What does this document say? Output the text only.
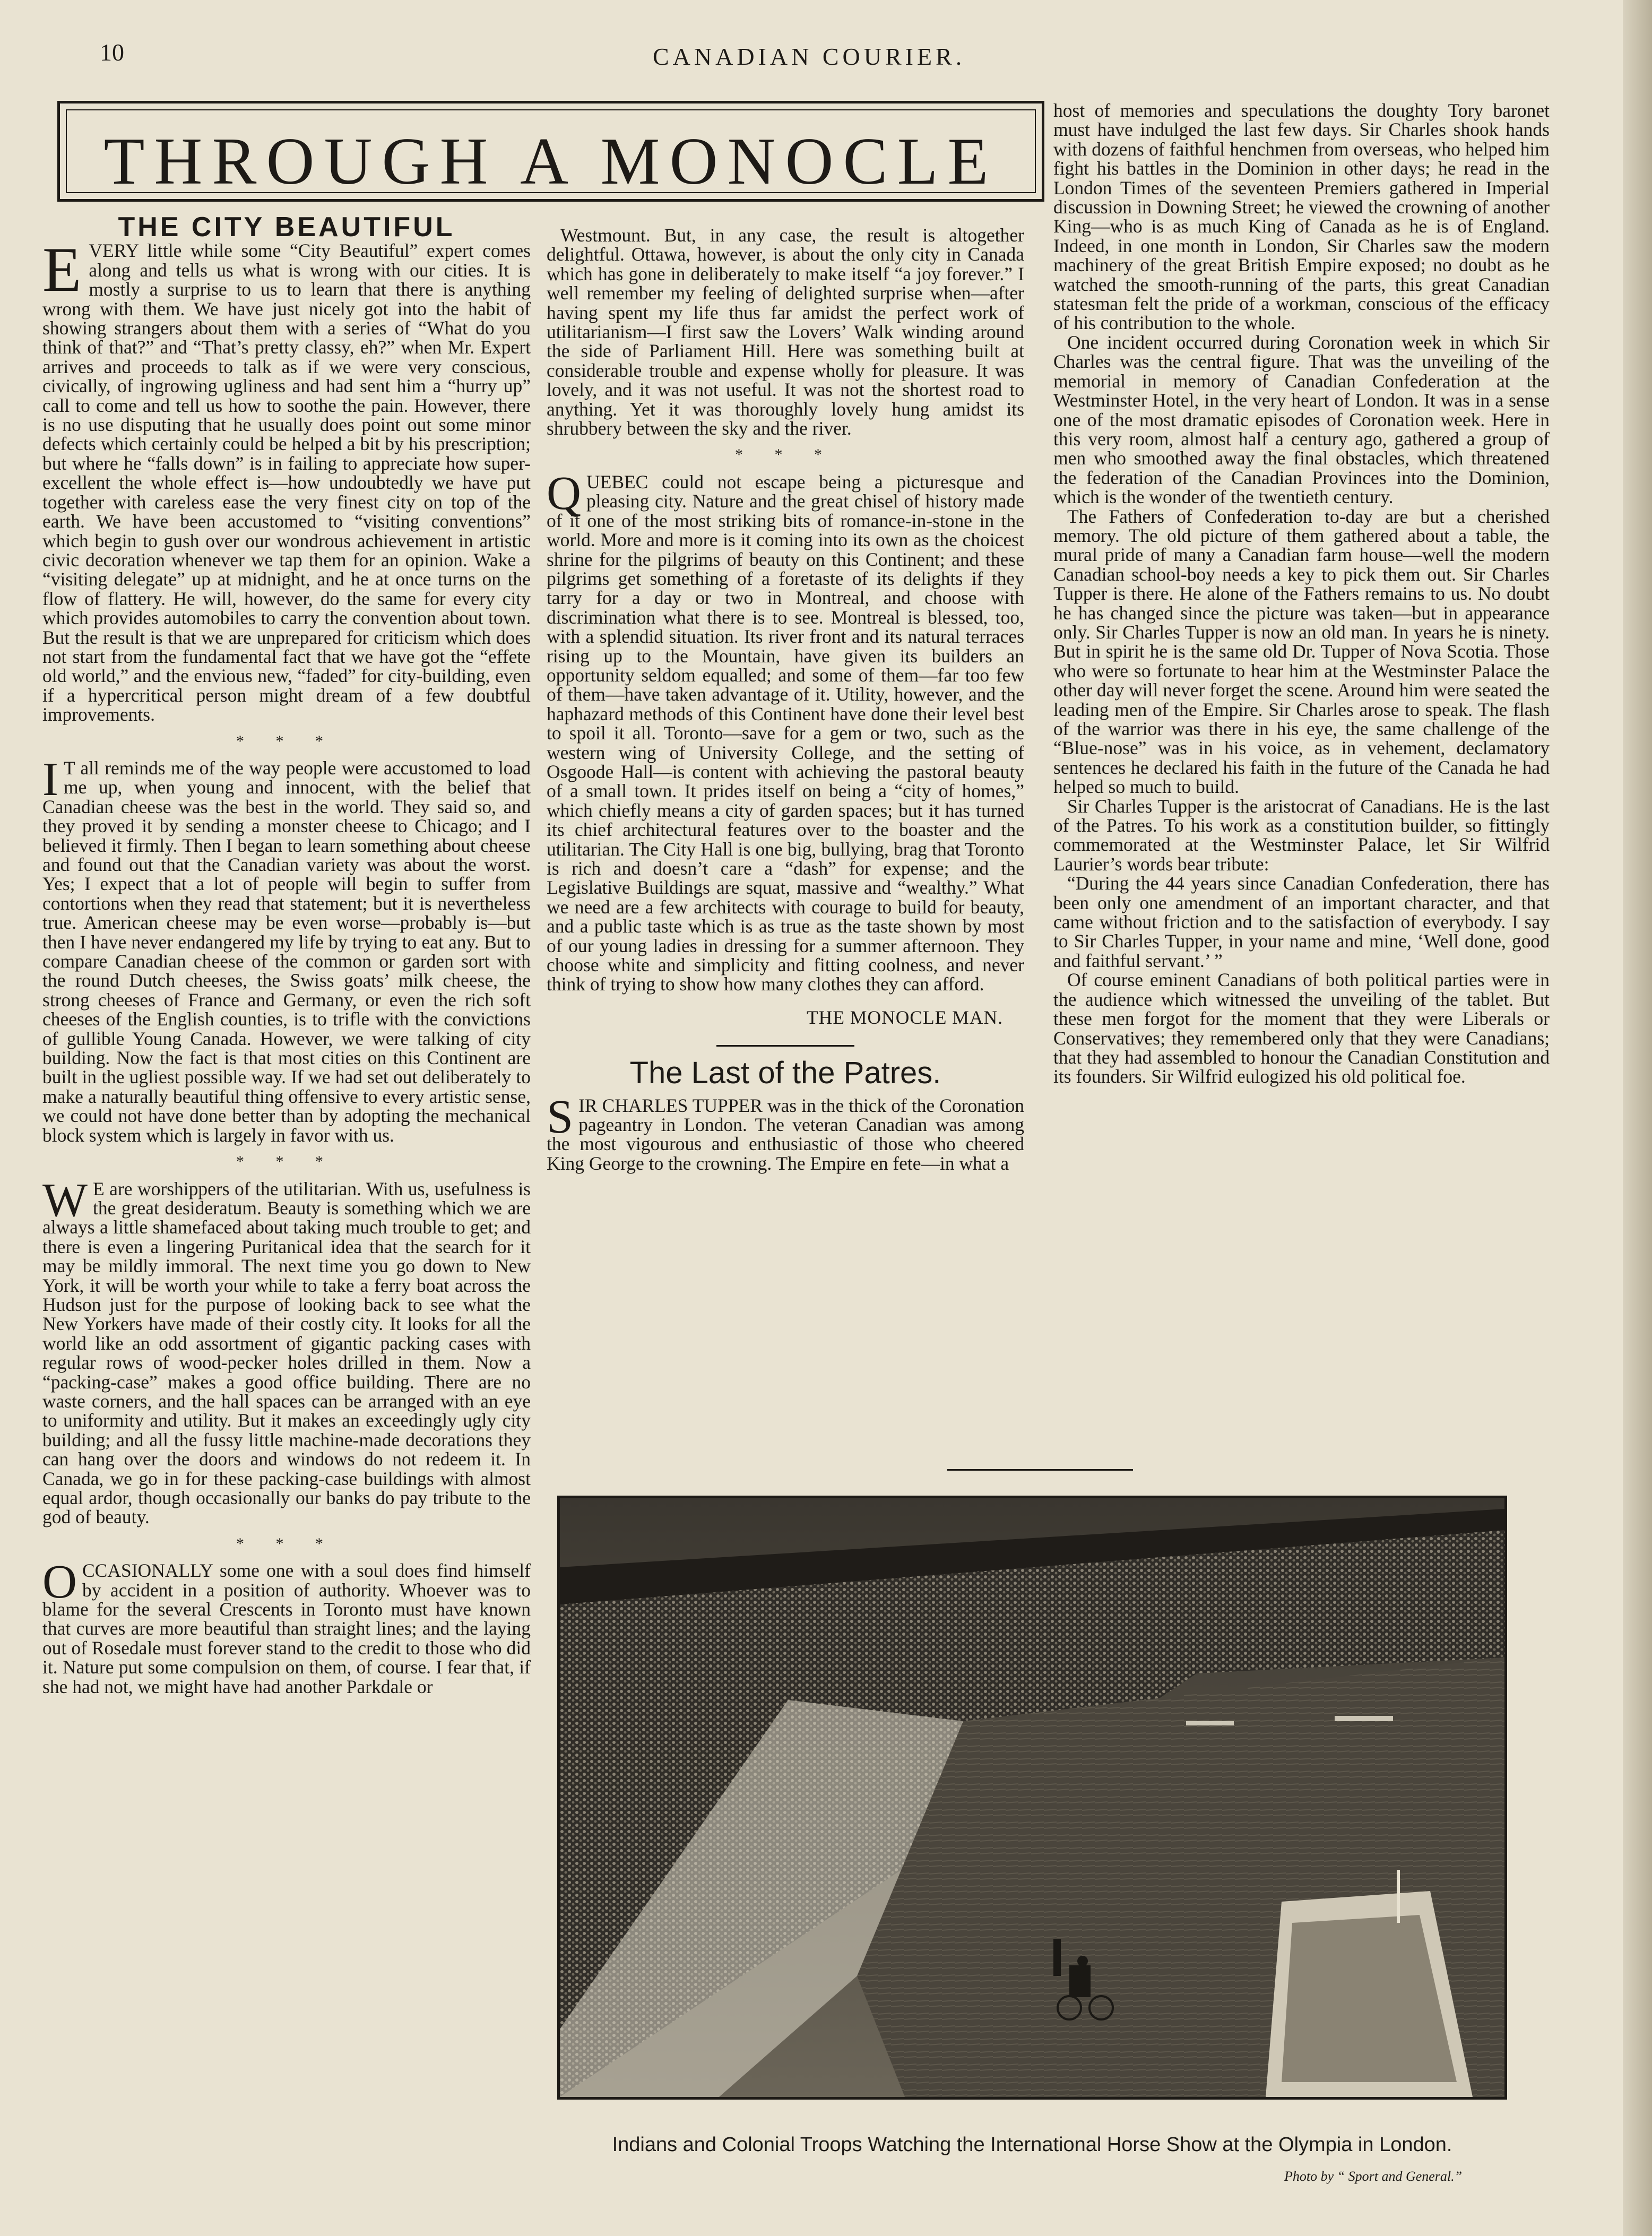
10	CANADIAN COURIER.
THROUGH A MONOCLE
THE CITY BEAUTIFUL

EVERY little while some “City Beautiful” expert comes along and tells us what is wrong with our cities. It is mostly a surprise to us to learn that there is anything wrong with them. We have just nicely got into the habit of showing strangers about them with a series of “What do you think of that?” and “That’s pretty classy, eh?” when Mr. Expert arrives and proceeds to talk as if we were very conscious, civically, of ingrowing ugliness and had sent him a “hurry up” call to come and tell us how to soothe the pain. However, there is no use disputing that he usually does point out some minor defects which certainly could be helped a bit by his prescription; but where he “falls down” is in failing to appreciate how super-excellent the whole effect is—how undoubtedly we have put together with careless ease the very finest city on top of the earth. We have been accustomed to “visiting conventions” which begin to gush over our wondrous achievement in artistic civic decoration whenever we tap them for an opinion. Wake a “visiting delegate” up at midnight, and he at once turns on the flow of flattery. He will, however, do the same for every city which provides automobiles to carry the convention about town. But the result is that we are unprepared for criticism which does not start from the fundamental fact that we have got the “effete old world,” and the envious new, “faded” for city-building, even if a hypercritical person might dream of a few doubtful improvements.

* * *

I T all reminds me of the way people were accustomed to load me up, when young and innocent, with the belief that Canadian cheese was the best in the world. They said so, and they proved it by sending a monster cheese to Chicago; and I believed it firmly. Then I began to learn something about cheese and found out that the Canadian variety was about the worst. Yes; I expect that a lot of people will begin to suffer from contortions when they read that statement; but it is nevertheless true. American cheese may be even worse—probably is—but then I have never endangered my life by trying to eat any. But to compare Canadian cheese of the common or garden sort with the round Dutch cheeses, the Swiss goats’ milk cheese, the strong cheeses of France and Germany, or even the rich soft cheeses of the English counties, is to trifle with the convictions of gullible Young Canada. However, we were talking of city building. Now the fact is that most cities on this Continent are built in the ugliest possible way. If we had set out deliberately to make a naturally beautiful thing offensive to every artistic sense, we could not have done better than by adopting the mechanical block system which is largely in favor with us.

* * *

W E are worshippers of the utilitarian. With us, usefulness is the great desideratum. Beauty is something which we are always a little shamefaced about taking much trouble to get; and there is even a lingering Puritanical idea that the search for it may be mildly immoral. The next time you go down to New York, it will be worth your while to take a ferry boat across the Hudson just for the purpose of looking back to see what the New Yorkers have made of their costly city. It looks for all the world like an odd assortment of gigantic packing cases with regular rows of wood-pecker holes drilled in them. Now a “packing-case” makes a good office building. There are no waste corners, and the hall spaces can be arranged with an eye to uniformity and utility. But it makes an exceedingly ugly city building; and all the fussy little machine-made decorations they can hang over the doors and windows do not redeem it. In Canada, we go in for these packing-case buildings with almost equal ardor, though occasionally our banks do pay tribute to the god of beauty.

* * *

OCCASIONALLY some one with a soul does find himself by accident in a position of authority. Whoever was to blame for the several Crescents in Toronto must have known that curves are more beautiful than straight lines; and the laying out of Rosedale must forever stand to the credit to those who did it. Nature put some compulsion on them, of course. I fear that, if she had not, we might have had another Parkdale or

Westmount. But, in any case, the result is altogether delightful. Ottawa, however, is about the only city in Canada which has gone in deliberately to make itself “a joy forever.” I well remember my feeling of delighted surprise when—after having spent my life thus far amidst the perfect work of utilitarianism—I first saw the Lovers’ Walk winding around the side of Parliament Hill. Here was something built at considerable trouble and expense wholly for pleasure. It was lovely, and it was not useful. It was not the shortest road to anything. Yet it was thoroughly lovely hung amidst its shrubbery between the sky and the river.

* * *

QUEBEC could not escape being a picturesque and pleasing city. Nature and the great chisel of history made of it one of the most striking bits of romance-in-stone in the world. More and more is it coming into its own as the choicest shrine for the pilgrims of beauty on this Continent; and these pilgrims get something of a foretaste of its delights if they tarry for a day or two in Montreal, and choose with discrimination what there is to see. Montreal is blessed, too, with a splendid situation. Its river front and its natural terraces rising up to the Mountain, have given its builders an opportunity seldom equalled; and some of them—far too few of them—have taken advantage of it. Utility, however, and the haphazard methods of this Continent have done their level best to spoil it all. Toronto—save for a gem or two, such as the western wing of University College, and the setting of Osgoode Hall—is content with achieving the pastoral beauty of a small town. It prides itself on being a “city of homes,” which chiefly means a city of garden spaces; but it has turned its chief architectural features over to the boaster and the utilitarian. The City Hall is one big, bullying, brag that Toronto is rich and doesn’t care a “dash” for expense; and the Legislative Buildings are squat, massive and “wealthy.” What we need are a few architects with courage to build for beauty, and a public taste which is as true as the taste shown by most of our young ladies in dressing for a summer afternoon. They choose white and simplicity and fitting coolness, and never think of trying to show how many clothes they can afford.

THE MONOCLE MAN.
The Last of the Patres.

SIR CHARLES TUPPER was in the thick of the Coronation pageantry in London. The veteran Canadian was among the most vigourous and enthusiastic of those who cheered King George to the crowning. The Empire en fete—in what a

host of memories and speculations the doughty Tory baronet must have indulged the last few days. Sir Charles shook hands with dozens of faithful henchmen from overseas, who helped him fight his battles in the Dominion in other days; he read in the London Times of the seventeen Premiers gathered in Imperial discussion in Downing Street; he viewed the crowning of another King—who is as much King of Canada as he is of England. Indeed, in one month in London, Sir Charles saw the modern machinery of the great British Empire exposed; no doubt as he watched the smooth-running of the parts, this great Canadian statesman felt the pride of a workman, conscious of the efficacy of his contribution to the whole.

One incident occurred during Coronation week in which Sir Charles was the central figure. That was the unveiling of the memorial in memory of Canadian Confederation at the Westminster Hotel, in the very heart of London. It was in a sense one of the most dramatic episodes of Coronation week. Here in this very room, almost half a century ago, gathered a group of men who smoothed away the final obstacles, which threatened the federation of the Canadian Provinces into the Dominion, which is the wonder of the twentieth century.

The Fathers of Confederation to-day are but a cherished memory. The old picture of them gathered about a table, the mural pride of many a Canadian farm house—well the modern Canadian school-boy needs a key to pick them out. Sir Charles Tupper is there. He alone of the Fathers remains to us. No doubt he has changed since the picture was taken—but in appearance only. Sir Charles Tupper is now an old man. In years he is ninety. But in spirit he is the same old Dr. Tupper of Nova Scotia. Those who were so fortunate to hear him at the Westminster Palace the other day will never forget the scene. Around him were seated the leading men of the Empire. Sir Charles arose to speak. The flash of the warrior was there in his eye, the same challenge of the “Blue-nose” was in his voice, as in vehement, declamatory sentences he declared his faith in the future of the Canada he had helped so much to build.

Sir Charles Tupper is the aristocrat of Canadians. He is the last of the Patres. To his work as a constitution builder, so fittingly commemorated at the Westminster Palace, let Sir Wilfrid Laurier’s words bear tribute:

“During the 44 years since Canadian Confederation, there has been only one amendment of an important character, and that came without friction and to the satisfaction of everybody. I say to Sir Charles Tupper, in your name and mine, ‘Well done, good and faithful servant.’ ”

Of course eminent Canadians of both political parties were in the audience which witnessed the unveiling of the tablet. But these men forgot for the moment that they were Liberals or Conservatives; they remembered only that they were Canadians; that they had assembled to honour the Canadian Constitution and its founders. Sir Wilfrid eulogized his old political foe.

Indians and Colonial Troops Watching the International Horse Show at the Olympia in London.
Photo by “ Sport and General.”
